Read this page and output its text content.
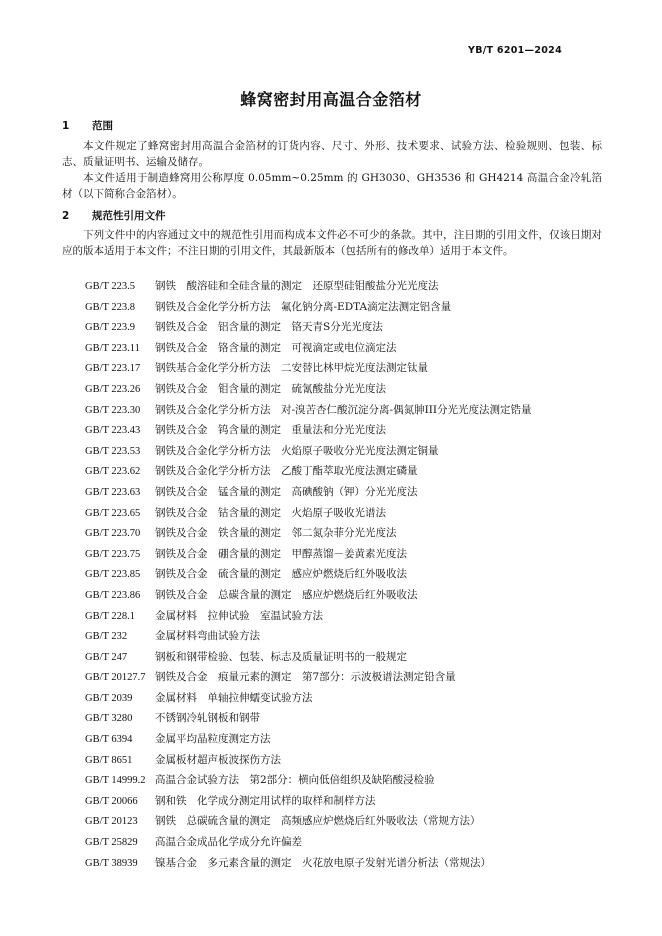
YB/T 6201—2024
蜂窝密封用高温合金箔材
1 范围

本文件规定了蜂窝密封用高温合金箔材的订货内容、尺寸、外形、技术要求、试验方法、检验规则、包装、标志、质量证明书、运输及储存。

本文件适用于制造蜂窝用公称厚度 0.05mm~0.25mm 的 GH3030、GH3536 和 GH4214 高温合金冷轧箔材（以下简称合金箔材）。

2 规范性引用文件

下列文件中的内容通过文中的规范性引用而构成本文件必不可少的条款。其中，注日期的引用文件，仅该日期对应的版本适用于本文件；不注日期的引用文件，其最新版本（包括所有的修改单）适用于本文件。

GB/T 223.5 钢铁　酸溶硅和全硅含量的测定　还原型硅钼酸盐分光光度法
GB/T 223.8 钢铁及合金化学分析方法　氟化钠分离-EDTA滴定法测定铝含量
GB/T 223.9 钢铁及合金　铝含量的测定　铬天青S分光光度法
GB/T 223.11 钢铁及合金　铬含量的测定　可视滴定或电位滴定法
GB/T 223.17 钢铁基合金化学分析方法　二安替比林甲烷光度法测定钛量
GB/T 223.26 钢铁及合金　钼含量的测定　硫氰酸盐分光光度法
GB/T 223.30 钢铁及合金化学分析方法　对-溴苦杏仁酸沉淀分离-偶氮胂III分光光度法测定锆量
GB/T 223.43 钢铁及合金　钨含量的测定　重量法和分光光度法
GB/T 223.53 钢铁及合金化学分析方法　火焰原子吸收分光光度法测定铜量
GB/T 223.62 钢铁及合金化学分析方法　乙酸丁酯萃取光度法测定磷量
GB/T 223.63 钢铁及合金　锰含量的测定　高碘酸钠（钾）分光光度法
GB/T 223.65 钢铁及合金　钴含量的测定　火焰原子吸收光谱法
GB/T 223.70 钢铁及合金　铁含量的测定　邻二氮杂菲分光光度法
GB/T 223.75 钢铁及合金　硼含量的测定　甲醇蒸馏－姜黄素光度法
GB/T 223.85 钢铁及合金　硫含量的测定　感应炉燃烧后红外吸收法
GB/T 223.86 钢铁及合金　总碳含量的测定　感应炉燃烧后红外吸收法
GB/T 228.1 金属材料　拉伸试验　室温试验方法
GB/T 232	金属材料弯曲试验方法
GB/T 247	钢板和钢带检验、包装、标志及质量证明书的一般规定
GB/T 20127.7 钢铁及合金　痕量元素的测定　第7部分：示波极谱法测定铅含量
GB/T 2039 金属材料　单轴拉伸蠕变试验方法
GB/T 3280 不锈钢冷轧钢板和钢带
GB/T 6394 金属平均晶粒度测定方法
GB/T 8651 金属板材超声板波探伤方法
GB/T 14999.2 高温合金试验方法　第2部分：横向低倍组织及缺陷酸浸检验
GB/T 20066 钢和铁　化学成分测定用试样的取样和制样方法
GB/T 20123 钢铁　总碳硫含量的测定　高频感应炉燃烧后红外吸收法（常规方法）
GB/T 25829 高温合金成品化学成分允许偏差
GB/T 38939 镍基合金　多元素含量的测定　火花放电原子发射光谱分析法（常规法）
